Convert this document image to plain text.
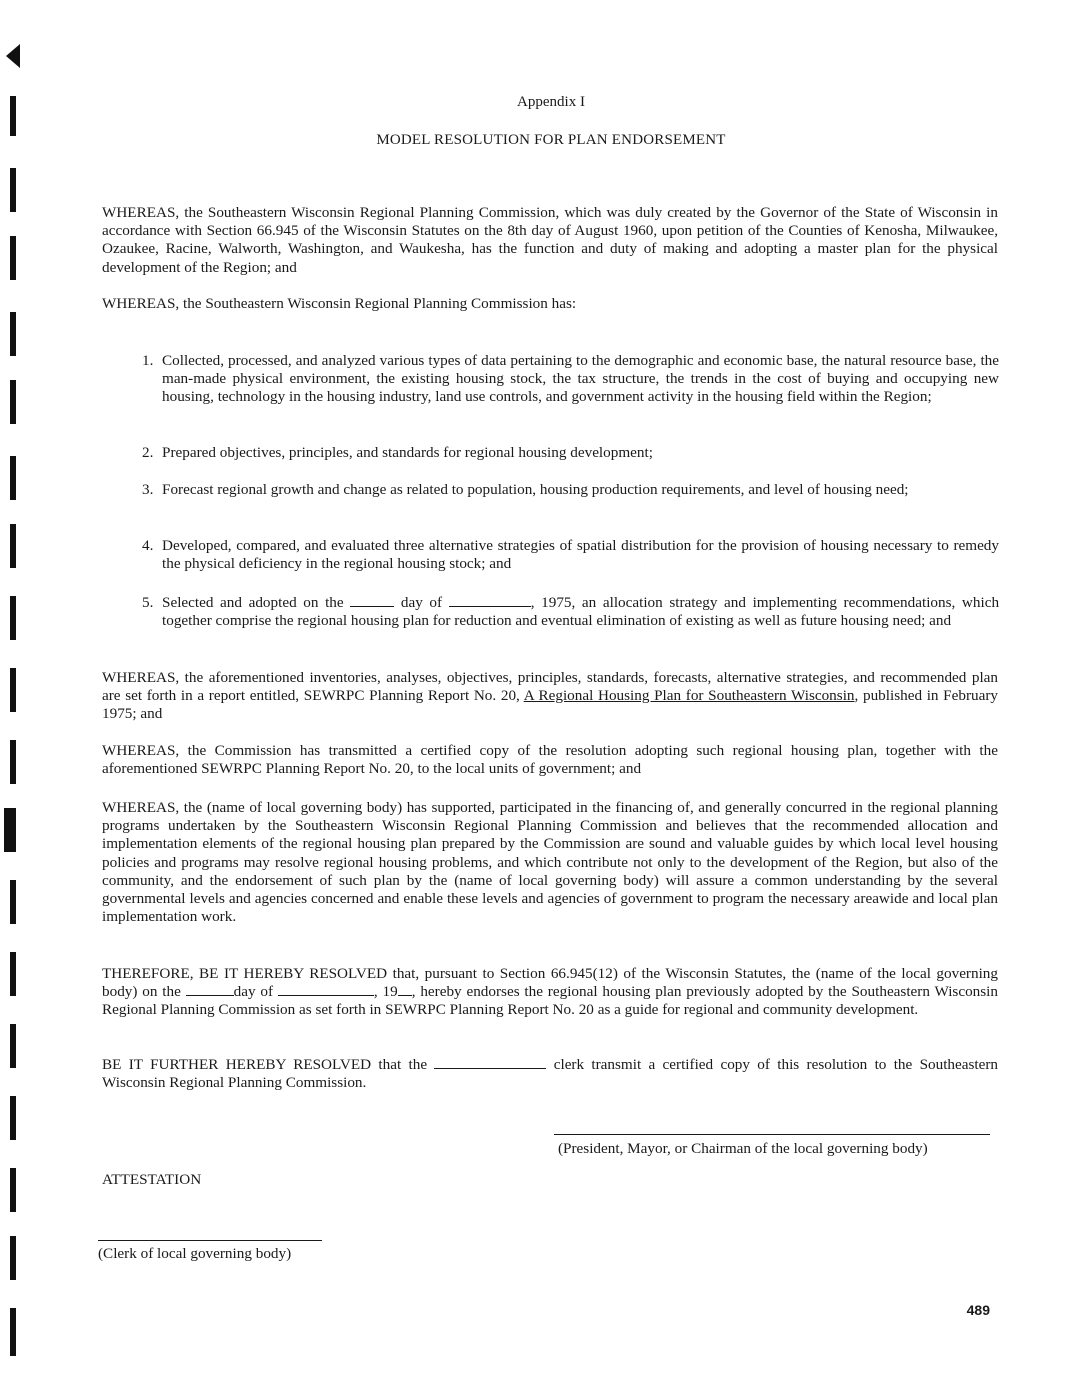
Appendix I
MODEL RESOLUTION FOR PLAN ENDORSEMENT
WHEREAS, the Southeastern Wisconsin Regional Planning Commission, which was duly created by the Governor of the State of Wisconsin in accordance with Section 66.945 of the Wisconsin Statutes on the 8th day of August 1960, upon petition of the Counties of Kenosha, Milwaukee, Ozaukee, Racine, Walworth, Washington, and Waukesha, has the function and duty of making and adopting a master plan for the physical development of the Region; and
WHEREAS, the Southeastern Wisconsin Regional Planning Commission has:
1. Collected, processed, and analyzed various types of data pertaining to the demographic and economic base, the natural resource base, the man-made physical environment, the existing housing stock, the tax structure, the trends in the cost of buying and occupying new housing, technology in the housing industry, land use controls, and government activity in the housing field within the Region;
2. Prepared objectives, principles, and standards for regional housing development;
3. Forecast regional growth and change as related to population, housing production requirements, and level of housing need;
4. Developed, compared, and evaluated three alternative strategies of spatial distribution for the provision of housing necessary to remedy the physical deficiency in the regional housing stock; and
5. Selected and adopted on the	day of	, 1975, an allocation strategy and implementing recommendations, which together comprise the regional housing plan for reduction and eventual elimination of existing as well as future housing need; and
WHEREAS, the aforementioned inventories, analyses, objectives, principles, standards, forecasts, alternative strategies, and recommended plan are set forth in a report entitled, SEWRPC Planning Report No. 20, A Regional Housing Plan for Southeastern Wisconsin, published in February 1975; and
WHEREAS, the Commission has transmitted a certified copy of the resolution adopting such regional housing plan, together with the aforementioned SEWRPC Planning Report No. 20, to the local units of government; and
WHEREAS, the (name of local governing body) has supported, participated in the financing of, and generally concurred in the regional planning programs undertaken by the Southeastern Wisconsin Regional Planning Commission and believes that the recommended allocation and implementation elements of the regional housing plan prepared by the Commission are sound and valuable guides by which local level housing policies and programs may resolve regional housing problems, and which contribute not only to the development of the Region, but also of the community, and the endorsement of such plan by the (name of local governing body) will assure a common understanding by the several governmental levels and agencies concerned and enable these levels and agencies of government to program the necessary areawide and local plan implementation work.
THEREFORE, BE IT HEREBY RESOLVED that, pursuant to Section 66.945(12) of the Wisconsin Statutes, the (name of the local governing body) on the	day of	, 19 , hereby endorses the regional housing plan previously adopted by the Southeastern Wisconsin Regional Planning Commission as set forth in SEWRPC Planning Report No. 20 as a guide for regional and community development.
BE IT FURTHER HEREBY RESOLVED that the	clerk transmit a certified copy of this resolution to the Southeastern Wisconsin Regional Planning Commission.
(President, Mayor, or Chairman of the local governing body)
ATTESTATION
(Clerk of local governing body)
489
